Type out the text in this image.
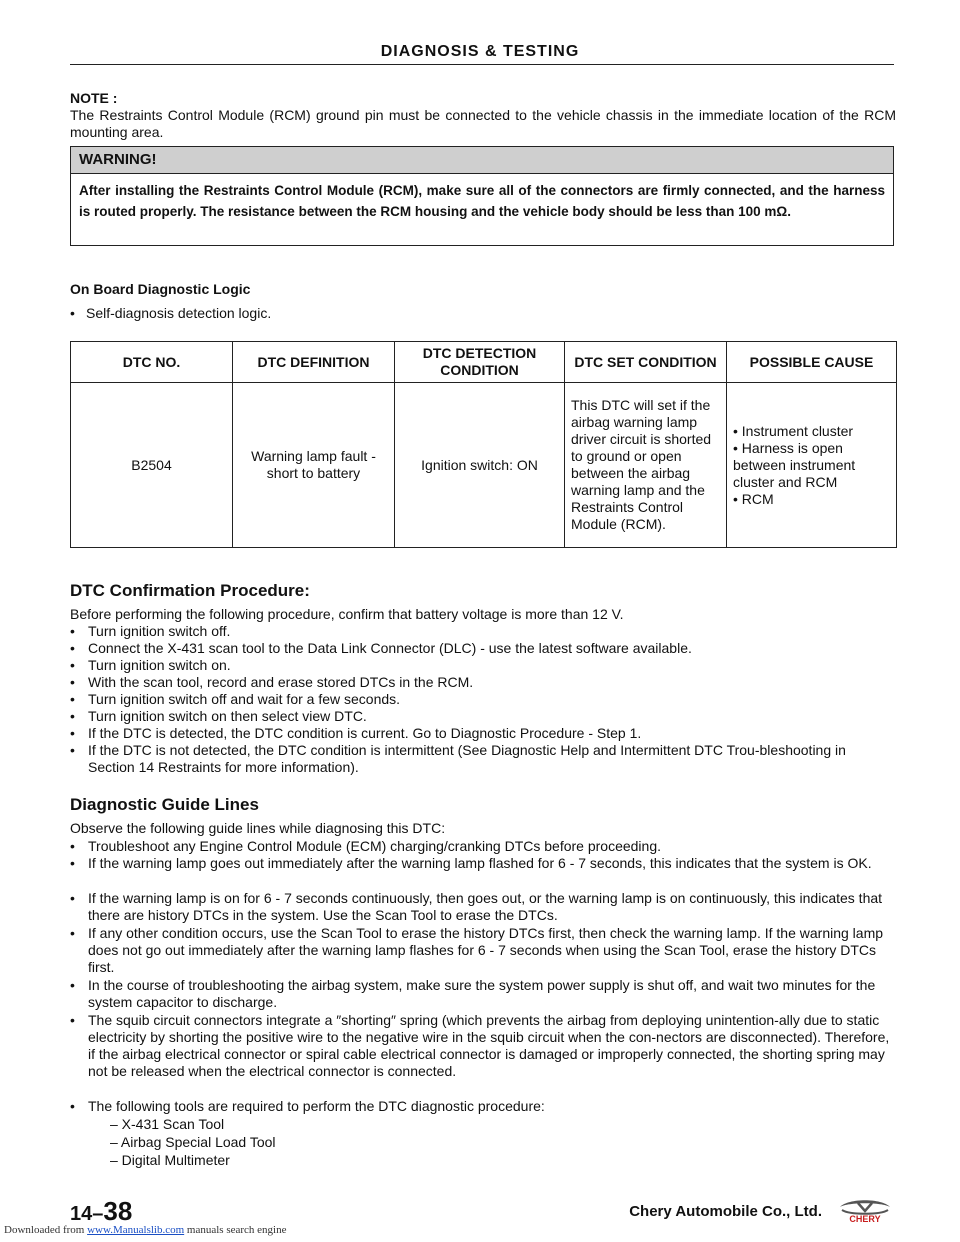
DIAGNOSIS & TESTING
NOTE :
The Restraints Control Module (RCM) ground pin must be connected to the vehicle chassis in the immediate location of the RCM mounting area.
WARNING!
After installing the Restraints Control Module (RCM), make sure all of the connectors are firmly connected, and the harness is routed properly. The resistance between the RCM housing and the vehicle body should be less than 100 mΩ.
On Board Diagnostic Logic
• Self-diagnosis detection logic.
DTC NO.	DTC DEFINITION	DTC DETECTION CONDITION	DTC SET CONDITION	POSSIBLE CAUSE
B2504	Warning lamp fault - short to battery	Ignition switch: ON	This DTC will set if the airbag warning lamp driver circuit is shorted to ground or open between the airbag warning lamp and the Restraints Control Module (RCM).	• Instrument cluster
• Harness is open between instrument cluster and RCM
• RCM
DTC Confirmation Procedure:
Before performing the following procedure, confirm that battery voltage is more than 12 V.
• Turn ignition switch off.
• Connect the X-431 scan tool to the Data Link Connector (DLC) - use the latest software available.
• Turn ignition switch on.
• With the scan tool, record and erase stored DTCs in the RCM.
• Turn ignition switch off and wait for a few seconds.
• Turn ignition switch on then select view DTC.
• If the DTC is detected, the DTC condition is current. Go to Diagnostic Procedure - Step 1.
• If the DTC is not detected, the DTC condition is intermittent (See Diagnostic Help and Intermittent DTC Trou-bleshooting in Section 14 Restraints for more information).
Diagnostic Guide Lines
Observe the following guide lines while diagnosing this DTC:
• Troubleshoot any Engine Control Module (ECM) charging/cranking DTCs before proceeding.
• If the warning lamp goes out immediately after the warning lamp flashed for 6 - 7 seconds, this indicates that the system is OK.
• If the warning lamp is on for 6 - 7 seconds continuously, then goes out, or the warning lamp is on continuously, this indicates that there are history DTCs in the system. Use the Scan Tool to erase the DTCs.
• If any other condition occurs, use the Scan Tool to erase the history DTCs first, then check the warning lamp. If the warning lamp does not go out immediately after the warning lamp flashes for 6 - 7 seconds when using the Scan Tool, erase the history DTCs first.
• In the course of troubleshooting the airbag system, make sure the system power supply is shut off, and wait two minutes for the system capacitor to discharge.
• The squib circuit connectors integrate a ″shorting″ spring (which prevents the airbag from deploying unintention-ally due to static electricity by shorting the positive wire to the negative wire in the squib circuit when the con-nectors are disconnected). Therefore, if the airbag electrical connector or spiral cable electrical connector is damaged or improperly connected, the shorting spring may not be released when the electrical connector is connected.
• The following tools are required to perform the DTC diagnostic procedure:
– X-431 Scan Tool
– Airbag Special Load Tool
– Digital Multimeter
14–38	Chery Automobile Co., Ltd.	CHERY
Downloaded from www.Manualslib.com manuals search engine
